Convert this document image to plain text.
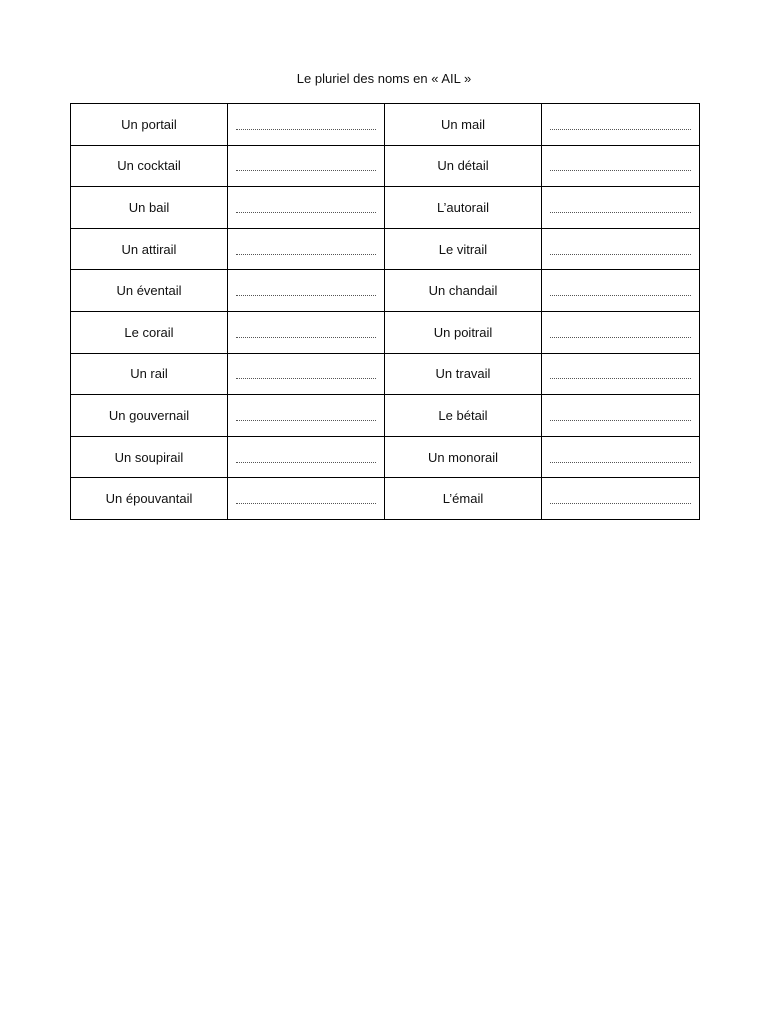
Le pluriel des noms en « AIL »
Un portail		Un mail	

Un cocktail		Un détail	

Un bail		L’autorail	

Un attirail		Le vitrail	

Un éventail		Un chandail	

Le corail		Un poitrail	

Un rail		Un travail	

Un gouvernail		Le bétail	

Un soupirail		Un monorail	

Un épouvantail		L’émail	
